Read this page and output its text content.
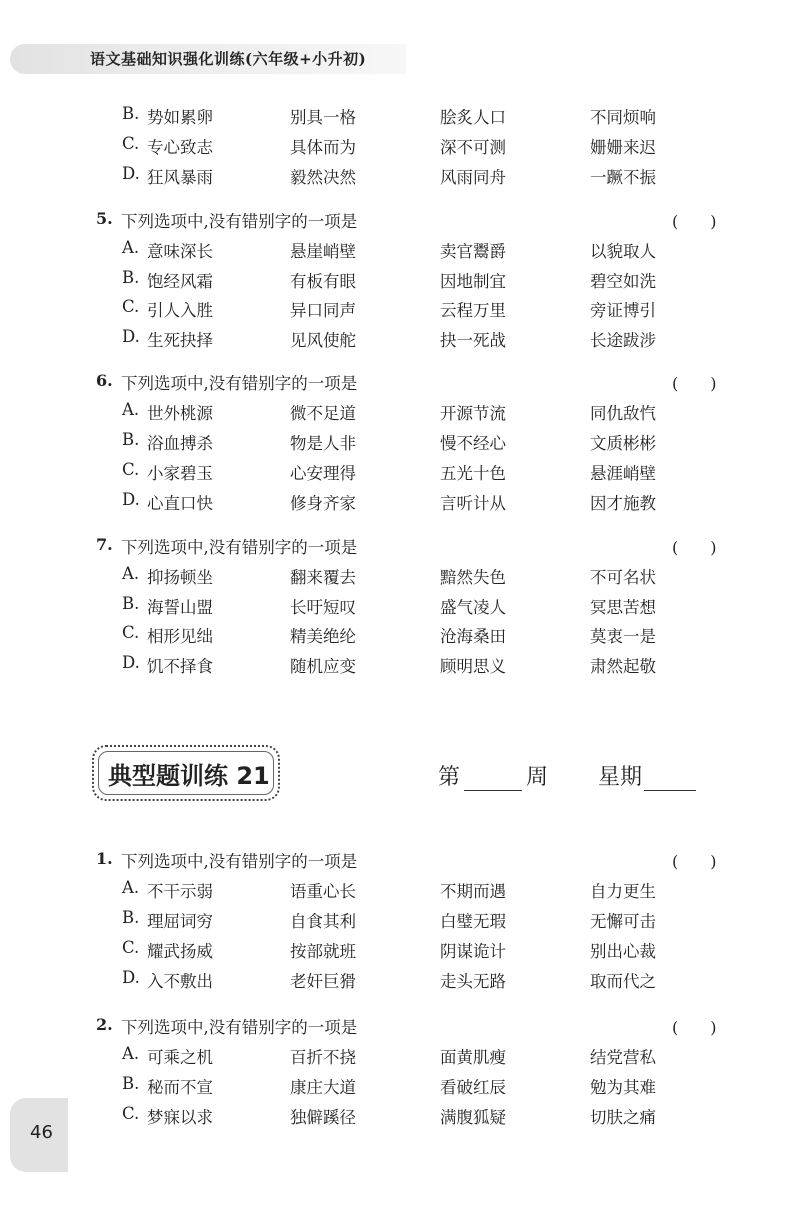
语文基础知识强化训练(六年级+小升初)
B. 势如累卵	别具一格	脍炙人口	不同烦响
C. 专心致志	具体而为	深不可测	姗姗来迟
D. 狂风暴雨	毅然决然	风雨同舟	一蹶不振
5. 下列选项中,没有错别字的一项是	(　　)
A. 意味深长	悬崖峭壁	卖官鬻爵	以貌取人
B. 饱经风霜	有板有眼	因地制宜	碧空如洗
C. 引人入胜	异口同声	云程万里	旁证博引
D. 生死抉择	见风使舵	抉一死战	长途跋涉
6. 下列选项中,没有错别字的一项是	(　　)
A. 世外桃源	微不足道	开源节流	同仇敌忾
B. 浴血搏杀	物是人非	慢不经心	文质彬彬
C. 小家碧玉	心安理得	五光十色	悬涯峭壁
D. 心直口快	修身齐家	言听计从	因才施教
7. 下列选项中,没有错别字的一项是	(　　)
A. 抑扬顿坐	翻来覆去	黯然失色	不可名状
B. 海誓山盟	长吁短叹	盛气凌人	冥思苦想
C. 相形见绌	精美绝纶	沧海桑田	莫衷一是
D. 饥不择食	随机应变	顾明思义	肃然起敬
典型题训练 21	第	周 星期
1. 下列选项中,没有错别字的一项是	(　　)
A. 不干示弱	语重心长	不期而遇	自力更生
B. 理屈词穷	自食其利	白璧无瑕	无懈可击
C. 耀武扬威	按部就班	阴谋诡计	别出心裁
D. 入不敷出	老奸巨猾	走头无路	取而代之
2. 下列选项中,没有错别字的一项是	(　　)
A. 可乘之机	百折不挠	面黄肌瘦	结党营私
B. 秘而不宣	康庄大道	看破红辰	勉为其难
C. 梦寐以求	独僻蹊径	满腹狐疑	切肤之痛
46
